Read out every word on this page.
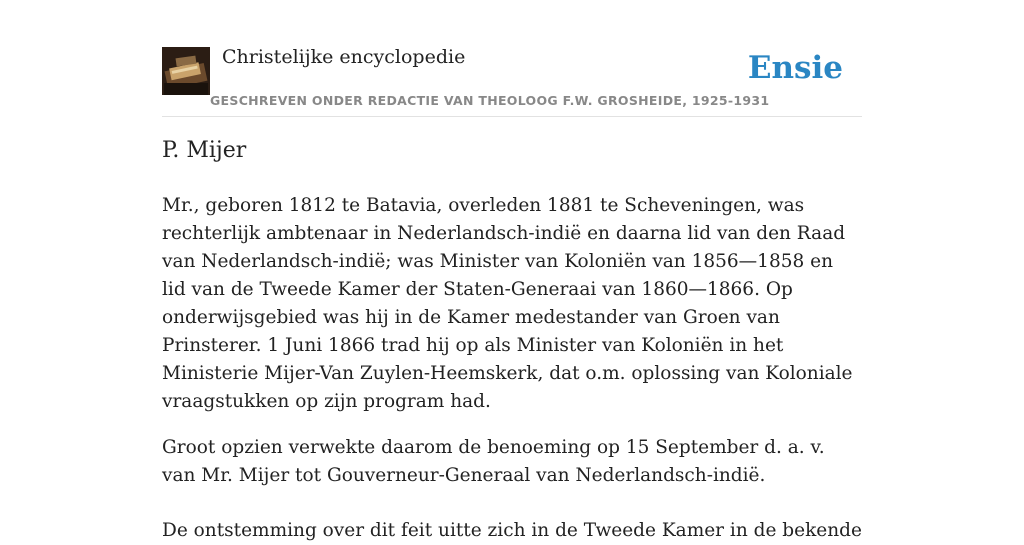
Christelijke encyclopedie
GESCHREVEN ONDER REDACTIE VAN THEOLOOG F.W. GROSHEIDE, 1925-1931
Ensie
P. Mijer

Mr., geboren 1812 te Batavia, overleden 1881 te Scheveningen, was rechterlijk ambtenaar in Nederlandsch-indië en daarna lid van den Raad van Nederlandsch-indië; was Minister van Koloniën van 1856—1858 en lid van de Tweede Kamer der Staten-Generaai van 1860—1866. Op onderwijsgebied was hij in de Kamer medestander van Groen van Prinsterer. 1 Juni 1866 trad hij op als Minister van Koloniën in het Ministerie Mijer-Van Zuylen-Heemskerk, dat o.m. oplossing van Koloniale vraagstukken op zijn program had.

Groot opzien verwekte daarom de benoeming op 15 September d. a. v. van Mr. Mijer tot Gouverneur-Generaal van Nederlandsch-indië.

De ontstemming over dit feit uitte zich in de Tweede Kamer in de bekende
